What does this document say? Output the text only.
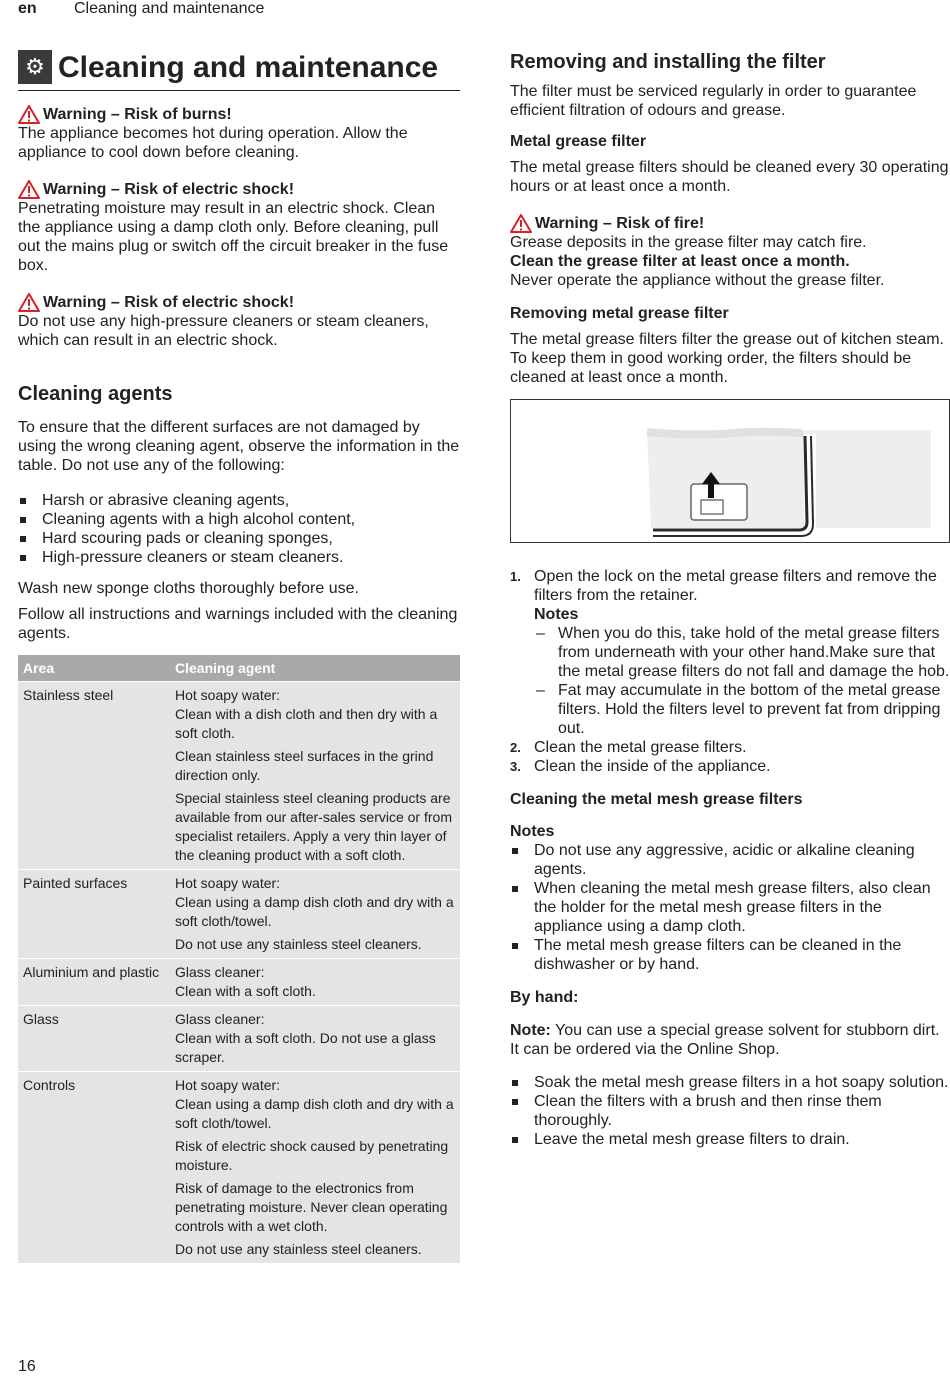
en Cleaning and maintenance
⚙ Cleaning and maintenance
Warning – Risk of burns!

The appliance becomes hot during operation. Allow the appliance to cool down before cleaning.

Warning – Risk of electric shock!

Penetrating moisture may result in an electric shock. Clean the appliance using a damp cloth only. Before cleaning, pull out the mains plug or switch off the circuit breaker in the fuse box.

Warning – Risk of electric shock!

Do not use any high-pressure cleaners or steam cleaners, which can result in an electric shock.

Cleaning agents

To ensure that the different surfaces are not damaged by using the wrong cleaning agent, observe the information in the table. Do not use any of the following:

Harsh or abrasive cleaning agents,
Cleaning agents with a high alcohol content,
Hard scouring pads or cleaning sponges,
High-pressure cleaners or steam cleaners.

Wash new sponge cloths thoroughly before use.

Follow all instructions and warnings included with the cleaning agents.

Area	Cleaning agent
Stainless steel	Hot soapy water:
Clean with a dish cloth and then dry with a soft cloth.
Clean stainless steel surfaces in the grind direction only.
Special stainless steel cleaning products are available from our after-sales service or from specialist retailers. Apply a very thin layer of the cleaning product with a soft cloth.

Painted surfaces	Hot soapy water:
Clean using a damp dish cloth and dry with a soft cloth/towel.
Do not use any stainless steel cleaners.

Aluminium and plastic	Glass cleaner:
Clean with a soft cloth.

Glass	Glass cleaner:
Clean with a soft cloth. Do not use a glass scraper.

Controls	Hot soapy water:
Clean using a damp dish cloth and dry with a soft cloth/towel.
Risk of electric shock caused by penetrating moisture.
Risk of damage to the electronics from penetrating moisture. Never clean operating controls with a wet cloth.
Do not use any stainless steel cleaners.
Removing and installing the filter

The filter must be serviced regularly in order to guarantee efficient filtration of odours and grease.

Metal grease filter

The metal grease filters should be cleaned every 30 operating hours or at least once a month.

Warning – Risk of fire!

Grease deposits in the grease filter may catch fire.

Clean the grease filter at least once a month.

Never operate the appliance without the grease filter.

Removing metal grease filter

The metal grease filters filter the grease out of kitchen steam. To keep them in good working order, the filters should be cleaned at least once a month.

1. Open the lock on the metal grease filters and remove the filters from the retainer.

Notes

– When you do this, take hold of the metal grease filters from underneath with your other hand.Make sure that the metal grease filters do not fall and damage the hob.
– Fat may accumulate in the bottom of the metal grease filters. Hold the filters level to prevent fat from dripping out.
2. Clean the metal grease filters.

3. Clean the inside of the appliance.

Cleaning the metal mesh grease filters

Notes

Do not use any aggressive, acidic or alkaline cleaning agents.
When cleaning the metal mesh grease filters, also clean the holder for the metal mesh grease filters in the appliance using a damp cloth.
The metal mesh grease filters can be cleaned in the dishwasher or by hand.

By hand:

Note: You can use a special grease solvent for stubborn dirt. It can be ordered via the Online Shop.

Soak the metal mesh grease filters in a hot soapy solution.
Clean the filters with a brush and then rinse them thoroughly.
Leave the metal mesh grease filters to drain.
16
